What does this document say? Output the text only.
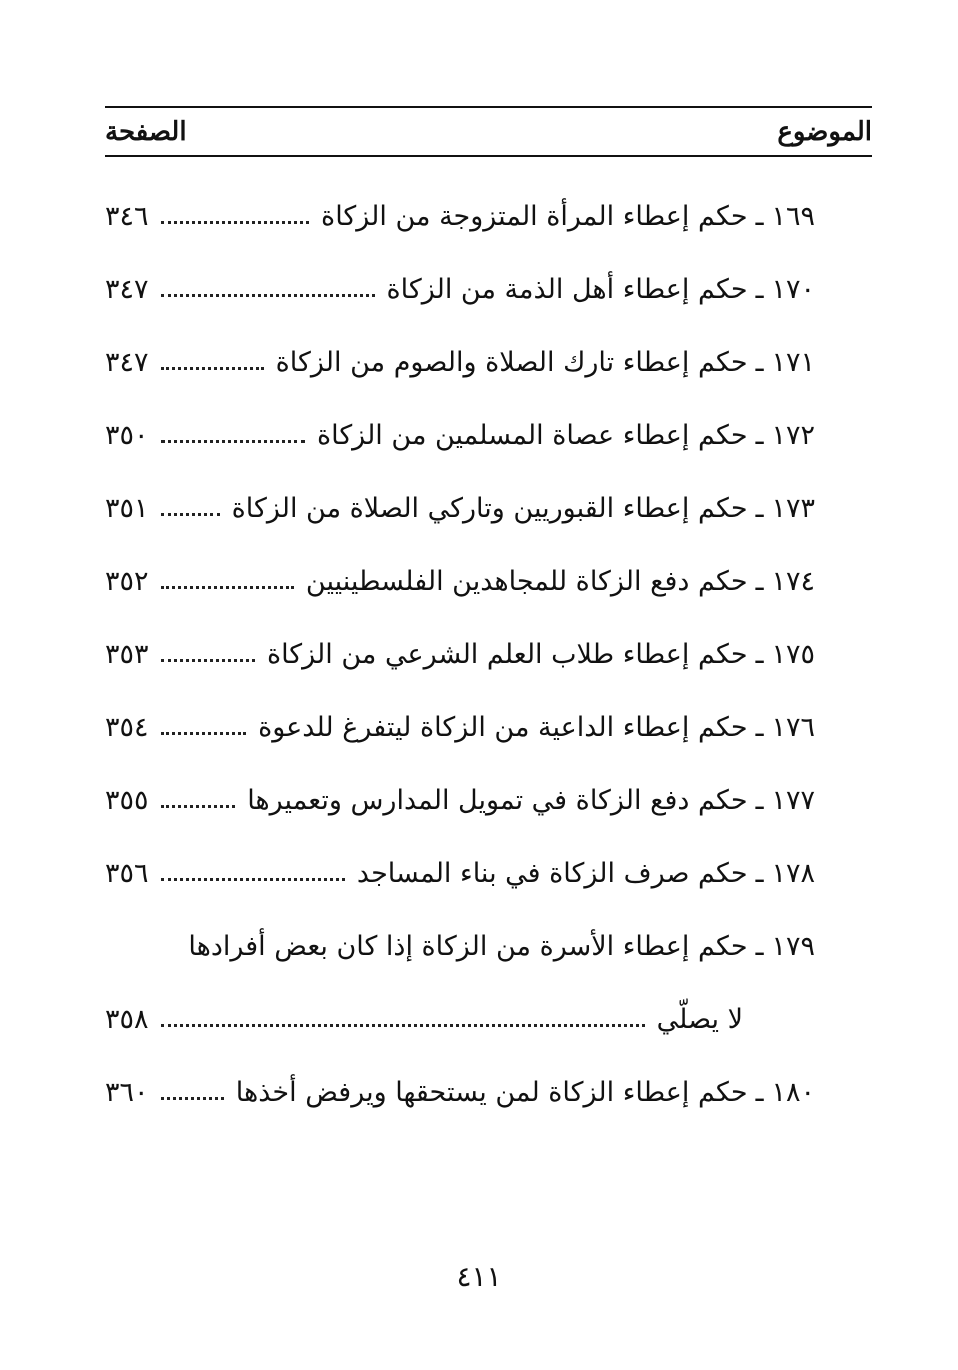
الموضوع
الصفحة
١٦٩
ـ
حكم إعطاء المرأة المتزوجة من الزكاة
٣٤٦
١٧٠
ـ
حكم إعطاء أهل الذمة من الزكاة
٣٤٧
١٧١
ـ
حكم إعطاء تارك الصلاة والصوم من الزكاة
٣٤٧
١٧٢
ـ
حكم إعطاء عصاة المسلمين من الزكاة
٣٥٠
١٧٣
ـ
حكم إعطاء القبوريين وتاركي الصلاة من الزكاة
٣٥١
١٧٤
ـ
حكم دفع الزكاة للمجاهدين الفلسطينيين
٣٥٢
١٧٥
ـ
حكم إعطاء طلاب العلم الشرعي من الزكاة
٣٥٣
١٧٦
ـ
حكم إعطاء الداعية من الزكاة ليتفرغ للدعوة
٣٥٤
١٧٧
ـ
حكم دفع الزكاة في تمويل المدارس وتعميرها
٣٥٥
١٧٨
ـ
حكم صرف الزكاة في بناء المساجد
٣٥٦
١٧٩
ـ
حكم إعطاء الأسرة من الزكاة إذا كان بعض أفرادها
لا يصلّي
٣٥٨
١٨٠
ـ
حكم إعطاء الزكاة لمن يستحقها ويرفض أخذها
٣٦٠
٤١١
